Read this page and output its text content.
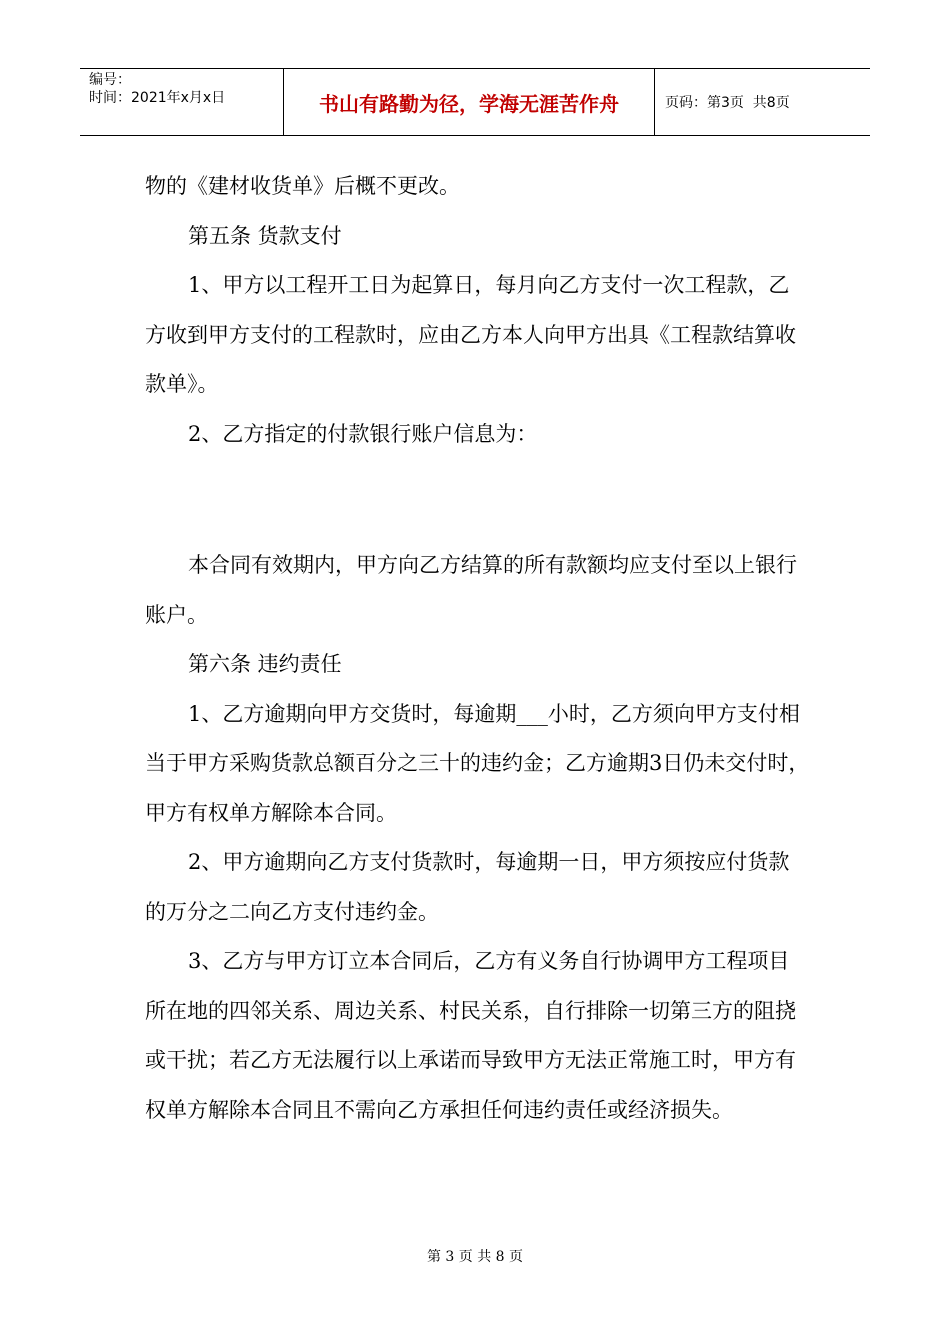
编号：
时间：2021年x月x日	书山有路勤为径，学海无涯苦作舟	页码：第3页  共8页

物的《建材收货单》后概不更改。

第五条 货款支付

1、甲方以工程开工日为起算日，每月向乙方支付一次工程款，乙方收到甲方支付的工程款时，应由乙方本人向甲方出具《工程款结算收款单》。

2、乙方指定的付款银行账户信息为：

本合同有效期内，甲方向乙方结算的所有款额均应支付至以上银行账户。

第六条 违约责任

1、乙方逾期向甲方交货时，每逾期___小时，乙方须向甲方支付相当于甲方采购货款总额百分之三十的违约金；乙方逾期3日仍未交付时，甲方有权单方解除本合同。

2、甲方逾期向乙方支付货款时，每逾期一日，甲方须按应付货款的万分之二向乙方支付违约金。

3、乙方与甲方订立本合同后，乙方有义务自行协调甲方工程项目所在地的四邻关系、周边关系、村民关系，自行排除一切第三方的阻挠或干扰；若乙方无法履行以上承诺而导致甲方无法正常施工时，甲方有权单方解除本合同且不需向乙方承担任何违约责任或经济损失。

第 3 页 共 8 页
